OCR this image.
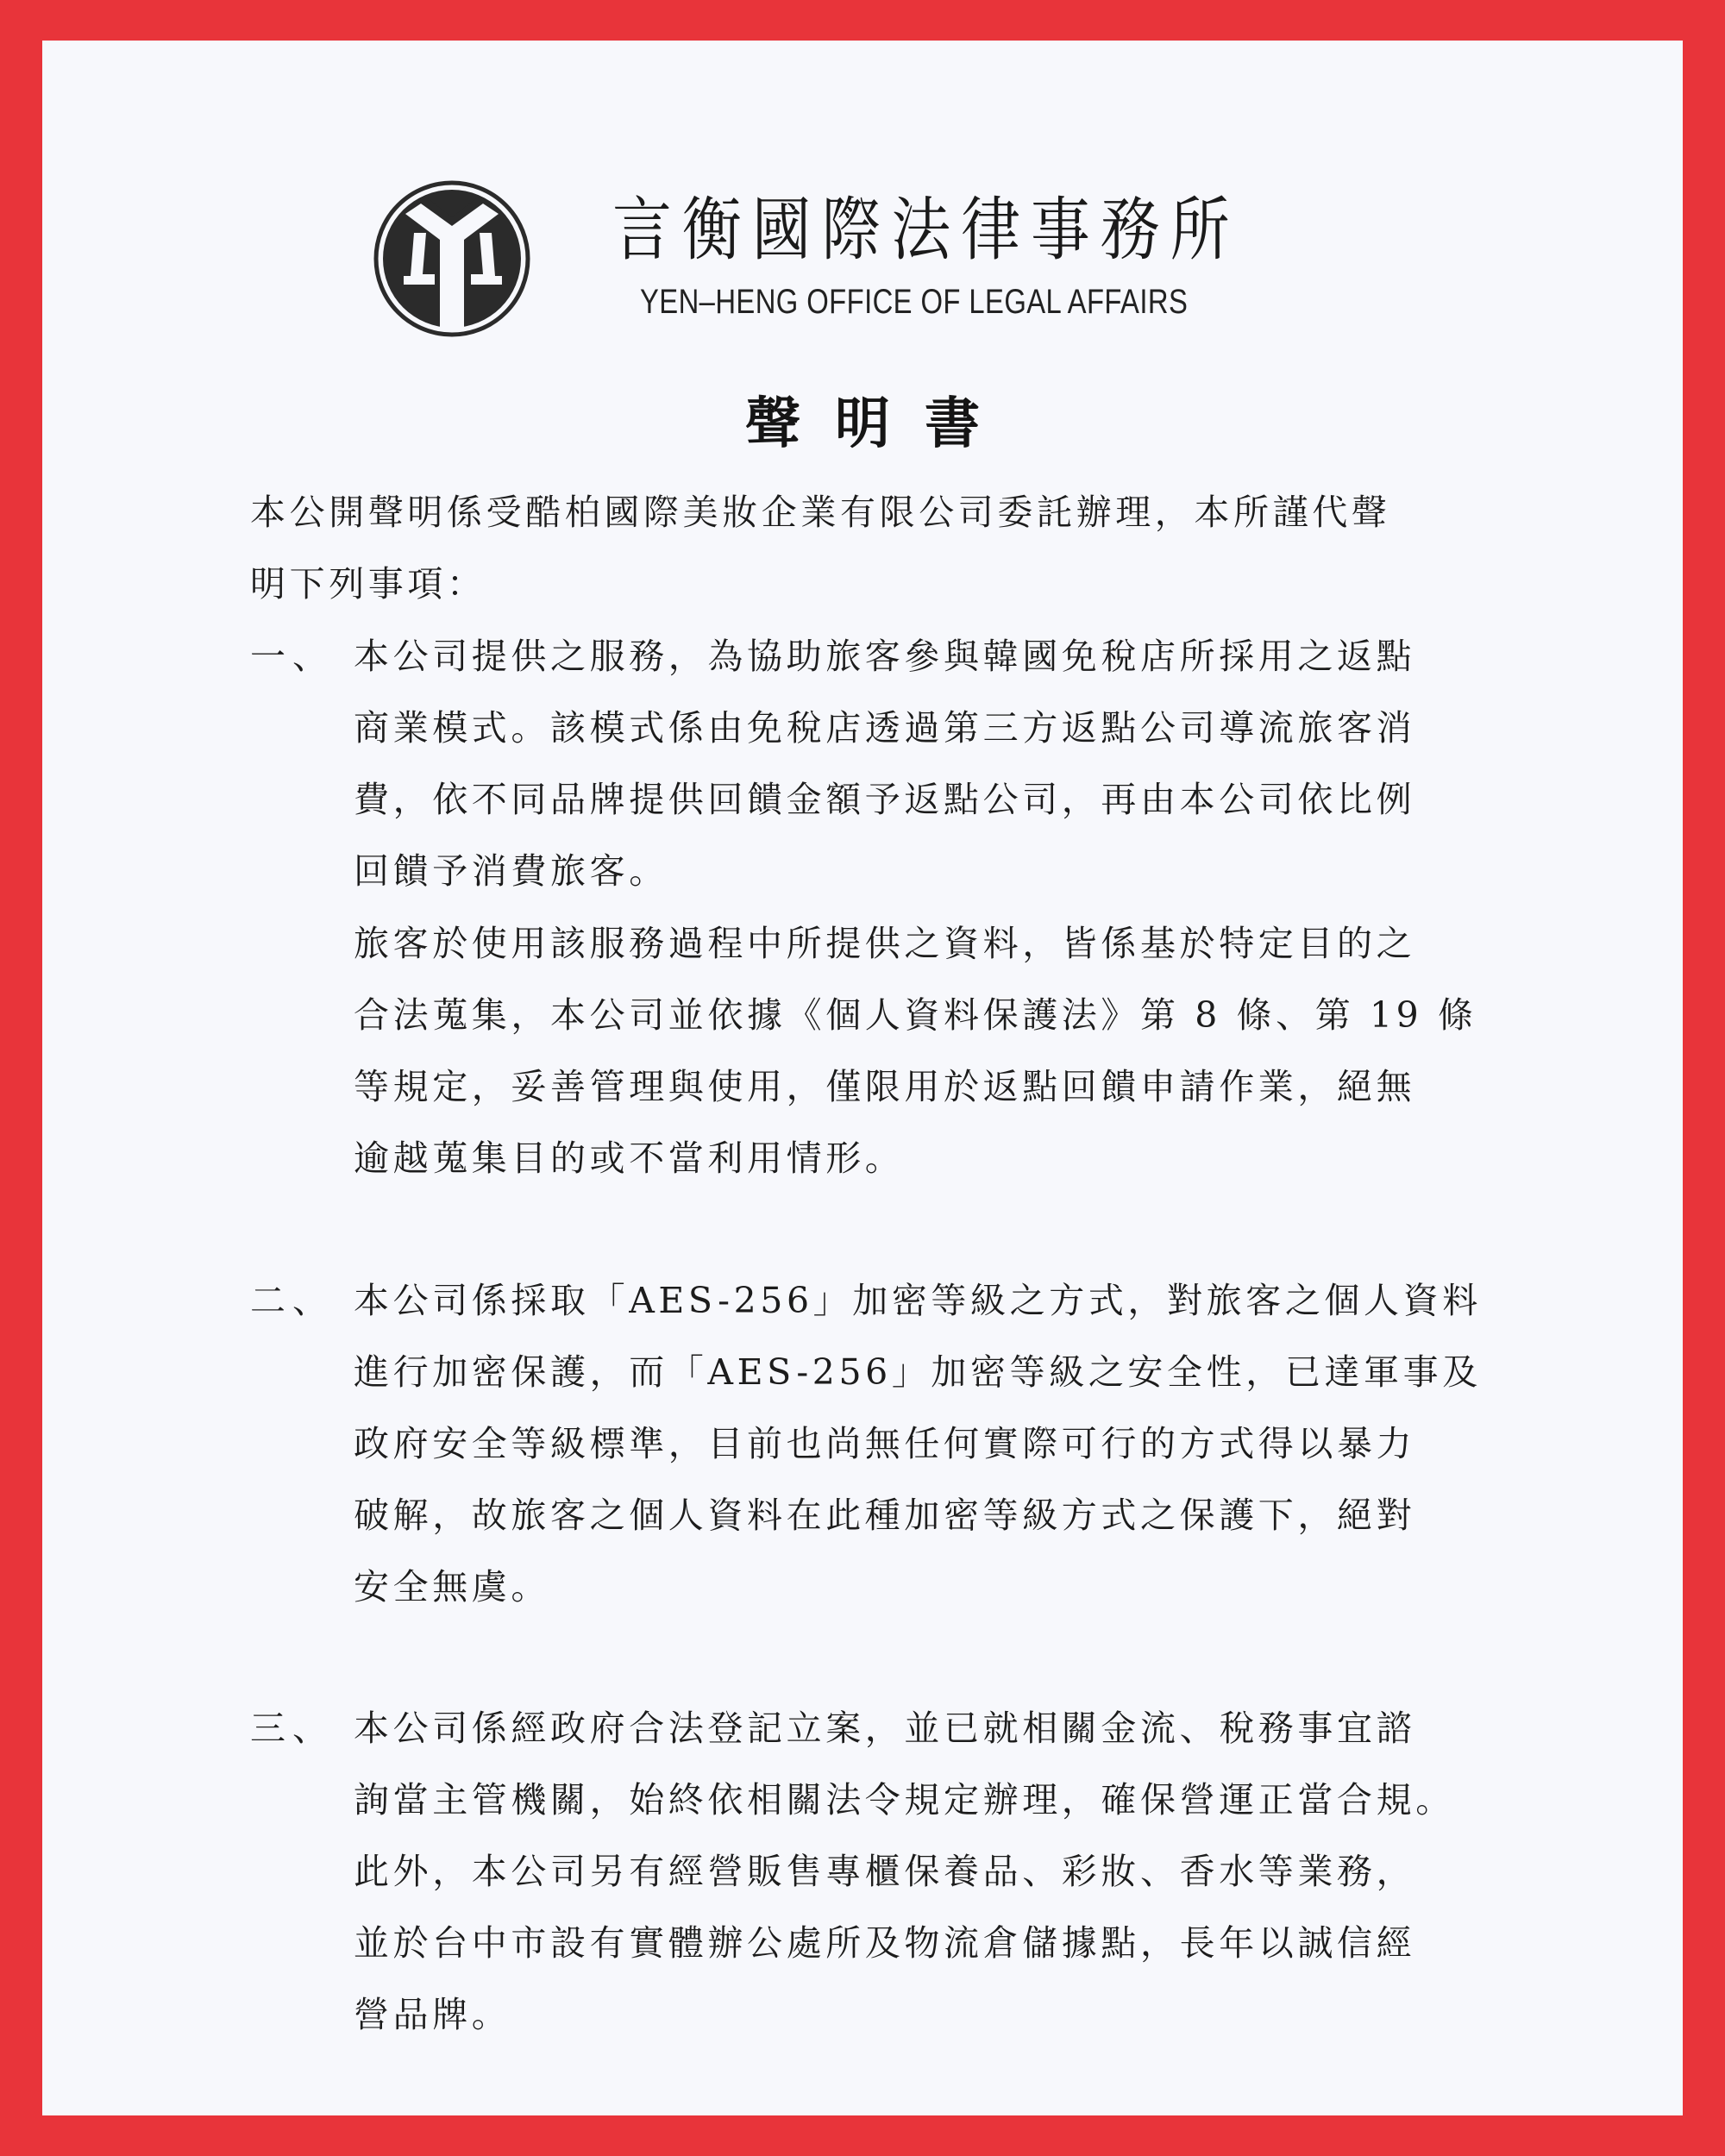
言衡國際法律事務所
YEN–HENG OFFICE OF LEGAL AFFAIRS
聲明書
本公開聲明係受酷柏國際美妝企業有限公司委託辦理，本所謹代聲
明下列事項：
一、 本公司提供之服務，為協助旅客參與韓國免稅店所採用之返點
商業模式。該模式係由免稅店透過第三方返點公司導流旅客消
費，依不同品牌提供回饋金額予返點公司，再由本公司依比例
回饋予消費旅客。
旅客於使用該服務過程中所提供之資料，皆係基於特定目的之
合法蒐集，本公司並依據《個人資料保護法》第 8 條、第 19 條
等規定，妥善管理與使用，僅限用於返點回饋申請作業，絕無
逾越蒐集目的或不當利用情形。
二、 本公司係採取「AES-256」加密等級之方式，對旅客之個人資料
進行加密保護，而「AES-256」加密等級之安全性，已達軍事及
政府安全等級標準，目前也尚無任何實際可行的方式得以暴力
破解，故旅客之個人資料在此種加密等級方式之保護下，絕對
安全無虞。
三、 本公司係經政府合法登記立案，並已就相關金流、稅務事宜諮
詢當主管機關，始終依相關法令規定辦理，確保營運正當合規。
此外，本公司另有經營販售專櫃保養品、彩妝、香水等業務，
並於台中市設有實體辦公處所及物流倉儲據點，長年以誠信經
營品牌。
